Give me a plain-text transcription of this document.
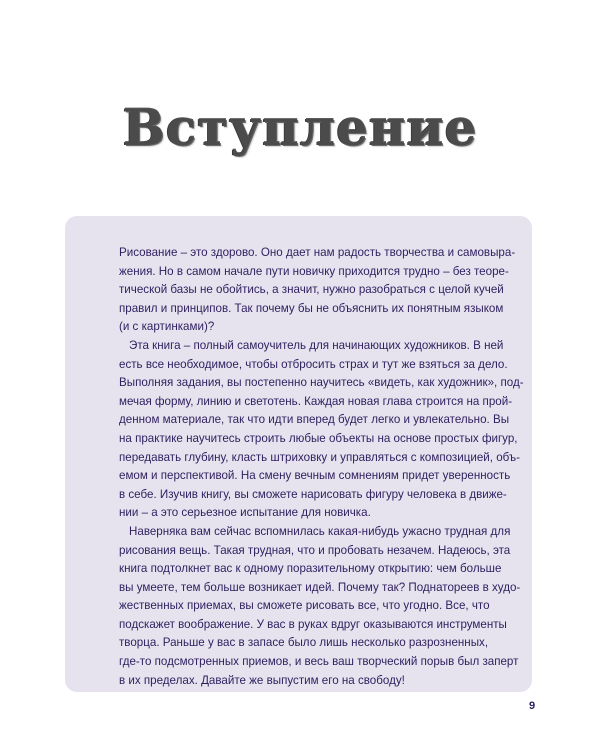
Вступление
Рисование – это здорово. Оно дает нам радость творчества и самовыра-
жения. Но в самом начале пути новичку приходится трудно – без теоре-
тической базы не обойтись, а значит, нужно разобраться с целой кучей
правил и принципов. Так почему бы не объяснить их понятным языком
(и с картинками)?
Эта книга – полный самоучитель для начинающих художников. В ней
есть все необходимое, чтобы отбросить страх и тут же взяться за дело.
Выполняя задания, вы постепенно научитесь «видеть, как художник», под-
мечая форму, линию и светотень. Каждая новая глава строится на прой-
денном материале, так что идти вперед будет легко и увлекательно. Вы
на практике научитесь строить любые объекты на основе простых фигур,
передавать глубину, класть штриховку и управляться с композицией, объ-
емом и перспективой. На смену вечным сомнениям придет уверенность
в себе. Изучив книгу, вы сможете нарисовать фигуру человека в движе-
нии – а это серьезное испытание для новичка.
Наверняка вам сейчас вспомнилась какая-нибудь ужасно трудная для
рисования вещь. Такая трудная, что и пробовать незачем. Надеюсь, эта
книга подтолкнет вас к одному поразительному открытию: чем больше
вы умеете, тем больше возникает идей. Почему так? Поднатореев в худо-
жественных приемах, вы сможете рисовать все, что угодно. Все, что
подскажет воображение. У вас в руках вдруг оказываются инструменты
творца. Раньше у вас в запасе было лишь несколько разрозненных,
где-то подсмотренных приемов, и весь ваш творческий порыв был заперт
в их пределах. Давайте же выпустим его на свободу!
9
